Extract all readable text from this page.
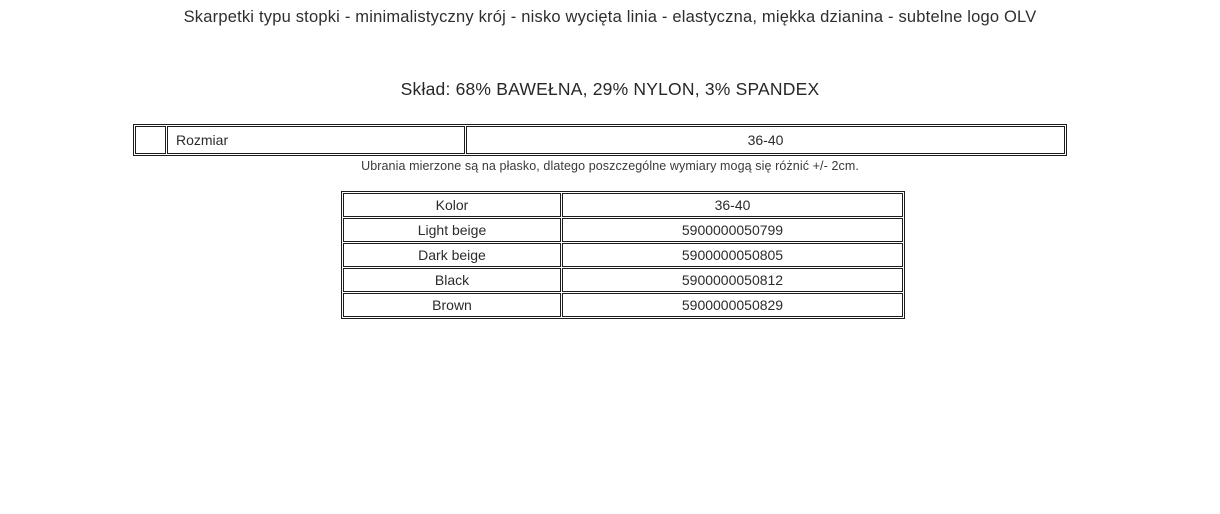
Skarpetki typu stopki - minimalistyczny krój - nisko wycięta linia - elastyczna, miękka dzianina - subtelne logo OLV
Skład: 68% BAWEŁNA, 29% NYLON, 3% SPANDEX
	Rozmiar	36-40
Ubrania mierzone są na płasko, dlatego poszczególne wymiary mogą się różnić +/- 2cm.
Kolor	36-40
Light beige	5900000050799
Dark beige	5900000050805
Black	5900000050812
Brown	5900000050829
